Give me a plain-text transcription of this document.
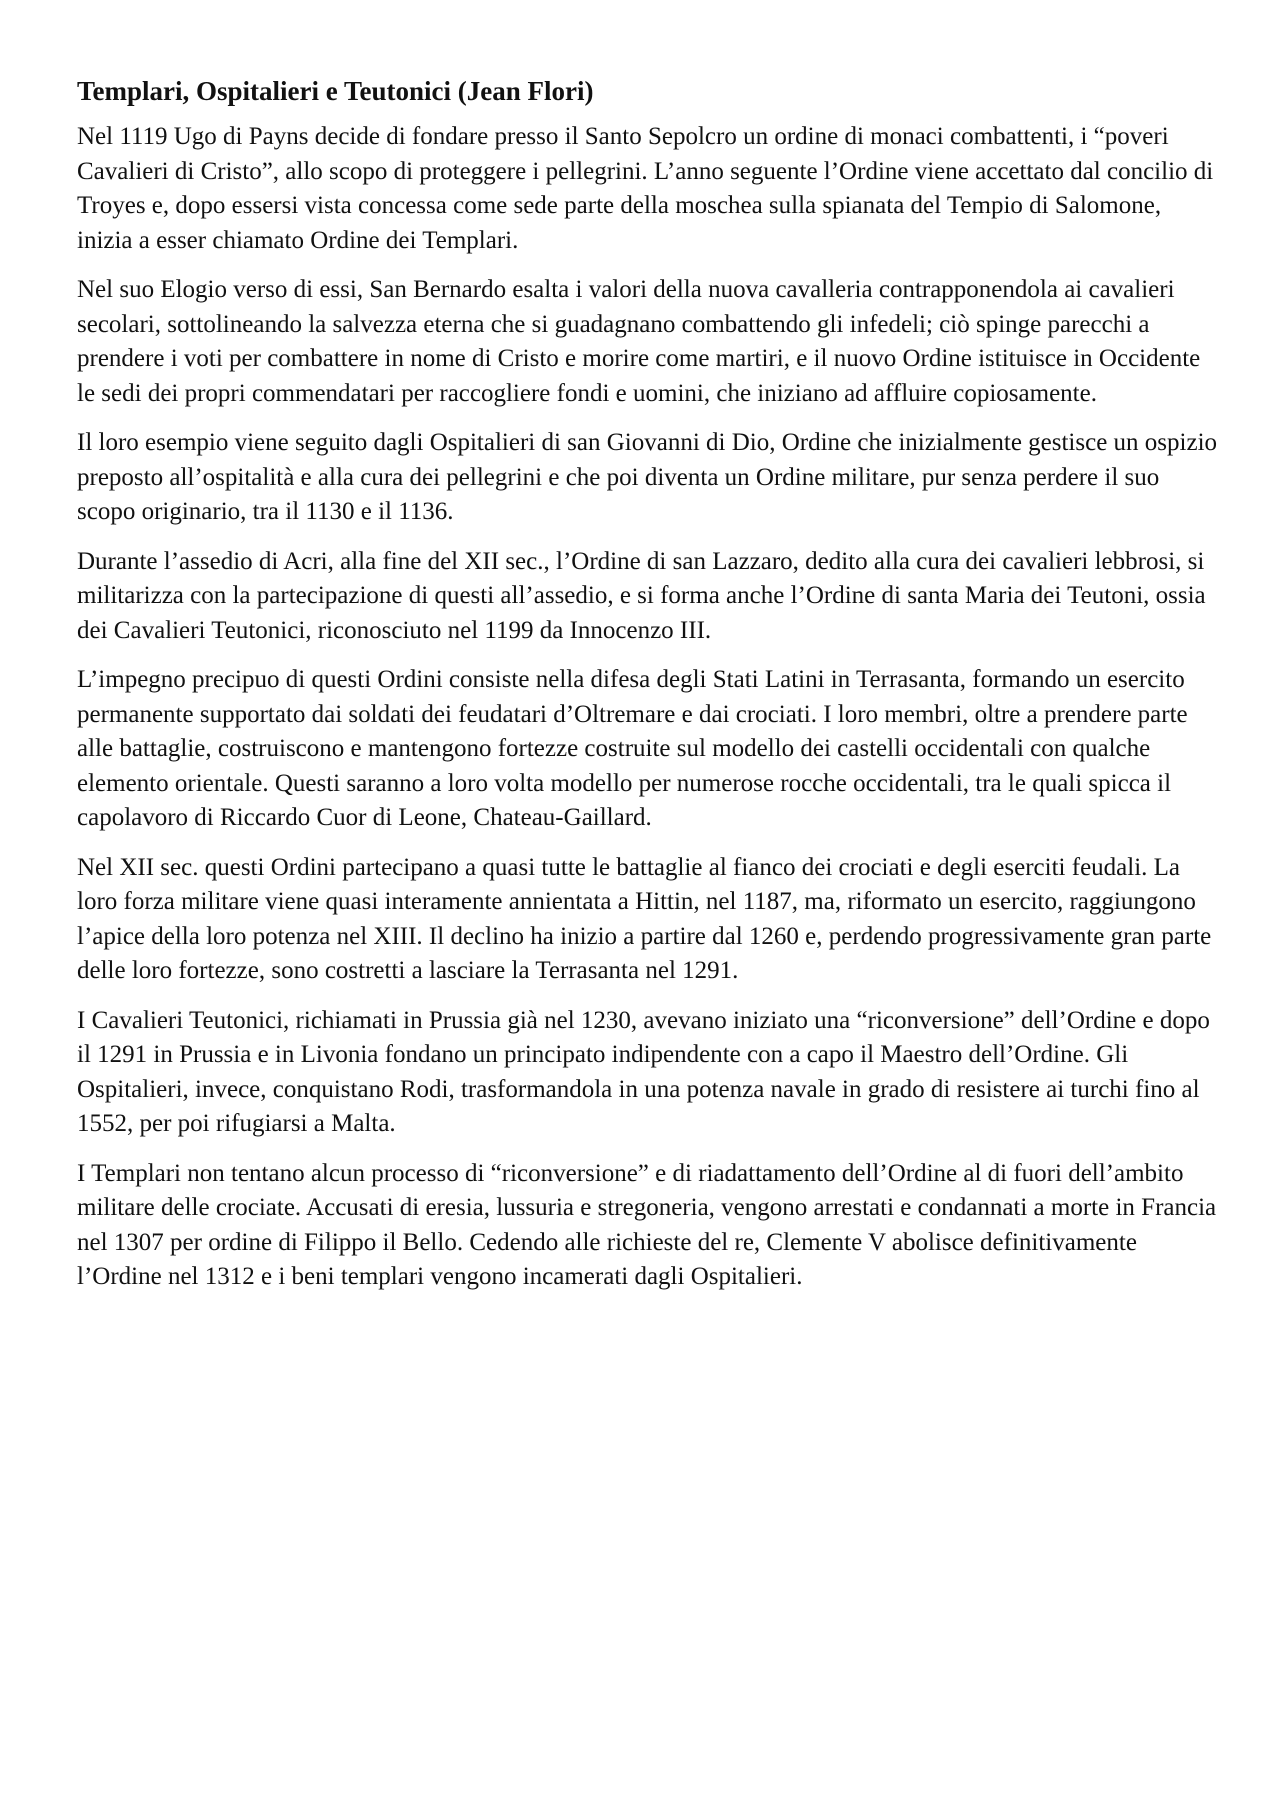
Templari, Ospitalieri e Teutonici (Jean Flori)

Nel 1119 Ugo di Payns decide di fondare presso il Santo Sepolcro un ordine di monaci combattenti, i “poveri Cavalieri di Cristo”, allo scopo di proteggere i pellegrini. L’anno seguente l’Ordine viene accettato dal concilio di Troyes e, dopo essersi vista concessa come sede parte della moschea sulla spianata del Tempio di Salomone, inizia a esser chiamato Ordine dei Templari.

Nel suo Elogio verso di essi, San Bernardo esalta i valori della nuova cavalleria contrapponendola ai cavalieri secolari, sottolineando la salvezza eterna che si guadagnano combattendo gli infedeli; ciò spinge parecchi a prendere i voti per combattere in nome di Cristo e morire come martiri, e il nuovo Ordine istituisce in Occidente le sedi dei propri commendatari per raccogliere fondi e uomini, che iniziano ad affluire copiosamente.

Il loro esempio viene seguito dagli Ospitalieri di san Giovanni di Dio, Ordine che inizialmente gestisce un ospizio preposto all’ospitalità e alla cura dei pellegrini e che poi diventa un Ordine militare, pur senza perdere il suo scopo originario, tra il 1130 e il 1136.

Durante l’assedio di Acri, alla fine del XII sec., l’Ordine di san Lazzaro, dedito alla cura dei cavalieri lebbrosi, si militarizza con la partecipazione di questi all’assedio, e si forma anche l’Ordine di santa Maria dei Teutoni, ossia dei Cavalieri Teutonici, riconosciuto nel 1199 da Innocenzo III.

L’impegno precipuo di questi Ordini consiste nella difesa degli Stati Latini in Terrasanta, formando un esercito permanente supportato dai soldati dei feudatari d’Oltremare e dai crociati. I loro membri, oltre a prendere parte alle battaglie, costruiscono e mantengono fortezze costruite sul modello dei castelli occidentali con qualche elemento orientale. Questi saranno a loro volta modello per numerose rocche occidentali, tra le quali spicca il capolavoro di Riccardo Cuor di Leone, Chateau-Gaillard.

Nel XII sec. questi Ordini partecipano a quasi tutte le battaglie al fianco dei crociati e degli eserciti feudali. La loro forza militare viene quasi interamente annientata a Hittin, nel 1187, ma, riformato un esercito, raggiungono l’apice della loro potenza nel XIII. Il declino ha inizio a partire dal 1260 e, perdendo progressivamente gran parte delle loro fortezze, sono costretti a lasciare la Terrasanta nel 1291.

I Cavalieri Teutonici, richiamati in Prussia già nel 1230, avevano iniziato una “riconversione” dell’Ordine e dopo il 1291 in Prussia e in Livonia fondano un principato indipendente con a capo il Maestro dell’Ordine. Gli Ospitalieri, invece, conquistano Rodi, trasformandola in una potenza navale in grado di resistere ai turchi fino al 1552, per poi rifugiarsi a Malta.

I Templari non tentano alcun processo di “riconversione” e di riadattamento dell’Ordine al di fuori dell’ambito militare delle crociate. Accusati di eresia, lussuria e stregoneria, vengono arrestati e condannati a morte in Francia nel 1307 per ordine di Filippo il Bello. Cedendo alle richieste del re, Clemente V abolisce definitivamente l’Ordine nel 1312 e i beni templari vengono incamerati dagli Ospitalieri.
